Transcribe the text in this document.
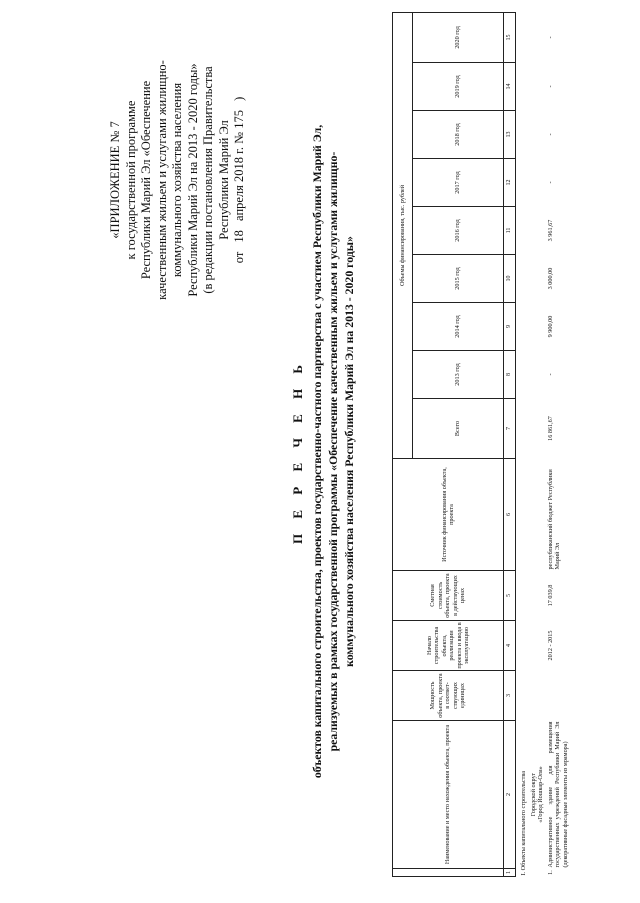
«ПРИЛОЖЕНИЕ № 7 к государственной программе Республики Марий Эл «Обеспечение качественным жильем и услугами жилищно- коммунального хозяйства населения Республики Марий Эл на 2013 - 2020 годы» (в редакции постановления Правительства Республики Марий Эл
от 18 апреля 2018 г. № 175 )
П Е Р Е Ч Е Н Ь объектов капитального строительства, проектов государственно-частного партнерства с участием Республики Марий Эл, реализуемых в рамках государственной программы «Обеспечение качественным жильем и услугами жилищно- коммунального хозяйства населения Республики Марий Эл на 2013 - 2020 годы»
	Наименование и место нахождения объекта, проекта	Мощность объекта, проекта в соответ-ствующих единицах	Начало строительства объекта, реализации проекта и ввода в эксплуатацию	Сметная стоимость объекта, проекта в действующих ценах	Источник финансирования объекта, проекта	Объемы финансирования, тыс. рублей								
						Всего	2013 год	2014 год	2015 год	2016 год	2017 год	2018 год	2019 год	2020 год
1	2	3	4	5	6	7	8	9	10	11	12	13	14	15
I. Объекты капитального строительства														

	Городской округ «Город Йошкар-Ола»													

1.	Административное здание для размещения государственных учреждений Республики Марий Эл (декоративные фасадные элементы из мрамора)		2012 - 2015	17 039,8	республиканский бюджет Республики Марий Эл	16 861,67	-	9 900,00	3 000,00	3 961,67	-	-	-	-
